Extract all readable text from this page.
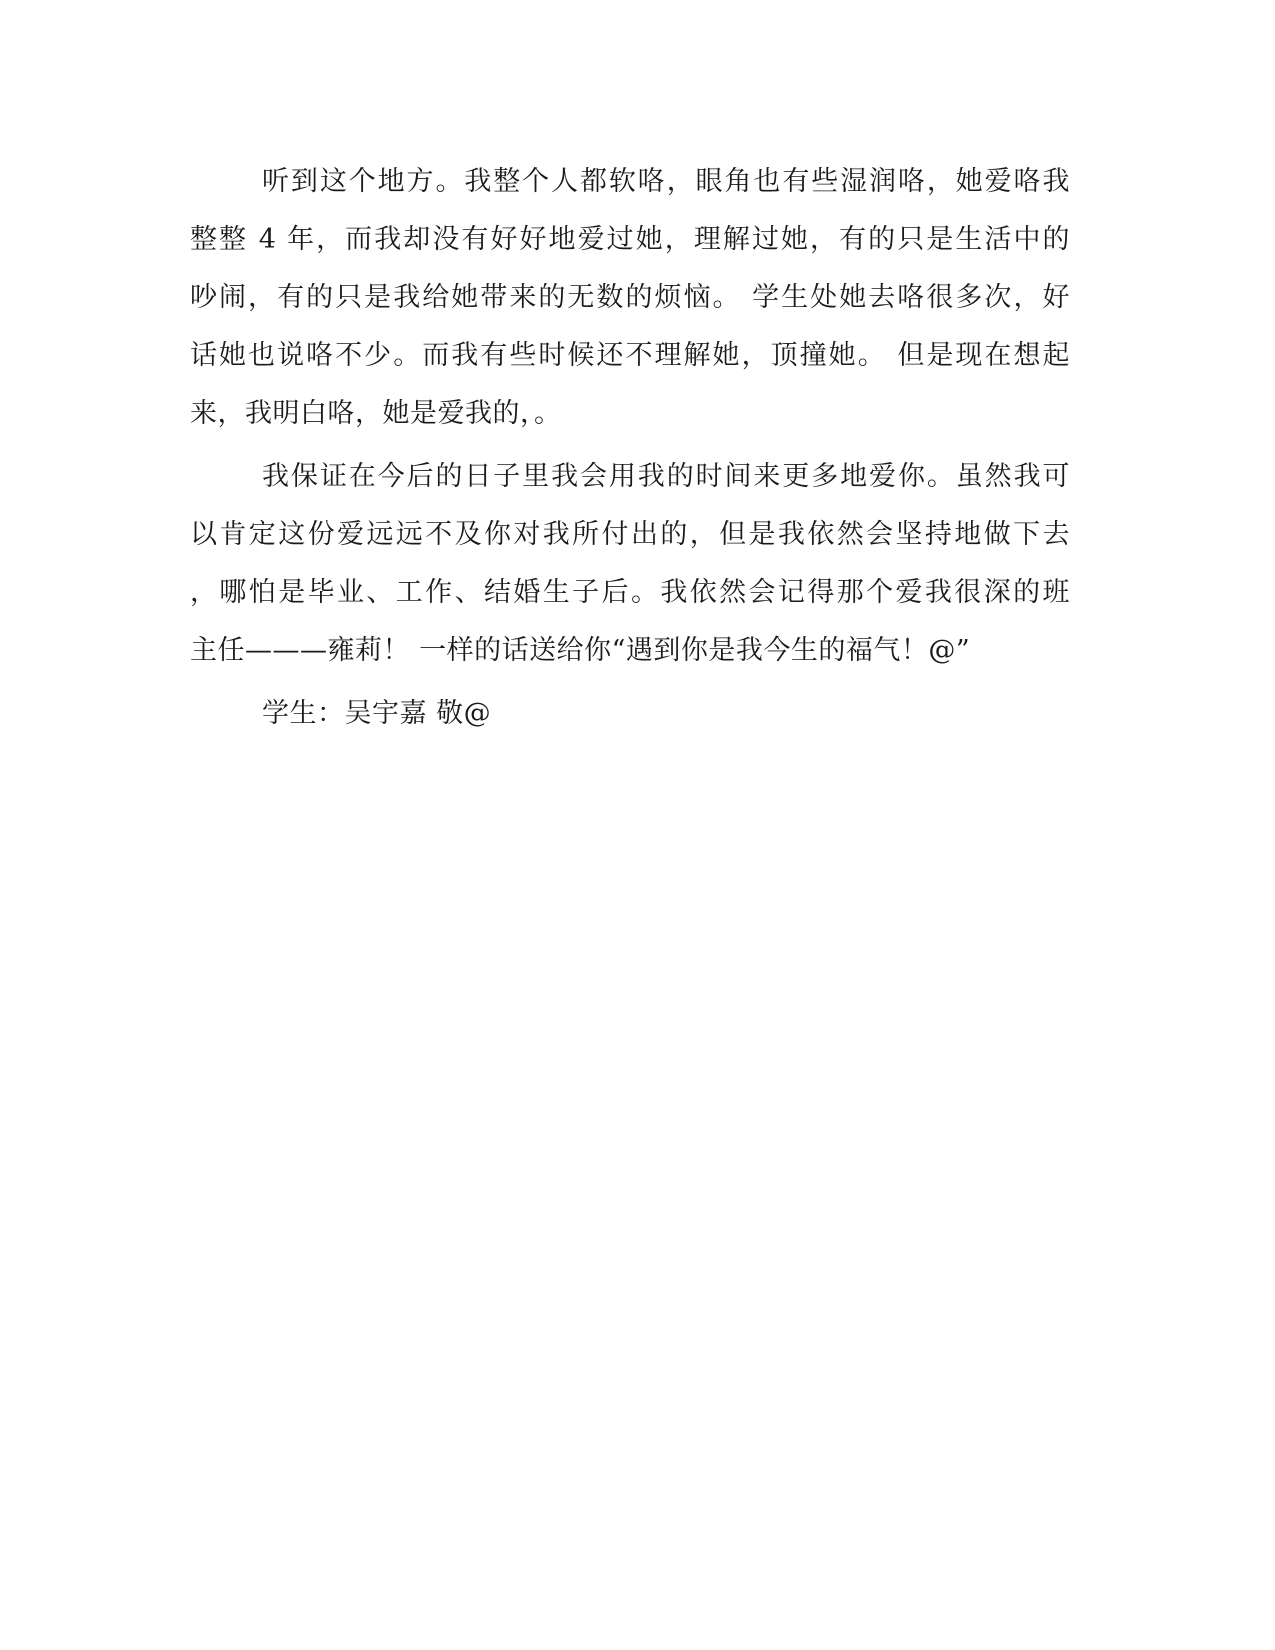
听到这个地方。我整个人都软咯，眼角也有些湿润咯，她爱咯我
整整 4 年，而我却没有好好地爱过她，理解过她，有的只是生活中的
吵闹，有的只是我给她带来的无数的烦恼。 学生处她去咯很多次，好
话她也说咯不少。而我有些时候还不理解她，顶撞她。 但是现在想起
来，我明白咯，她是爱我的，。
我保证在今后的日子里我会用我的时间来更多地爱你。虽然我可
以肯定这份爱远远不及你对我所付出的，但是我依然会坚持地做下去
，哪怕是毕业、工作、结婚生子后。我依然会记得那个爱我很深的班
主任———雍莉！ 一样的话送给你“遇到你是我今生的福气！@”
学生：吴宇嘉 敬@
